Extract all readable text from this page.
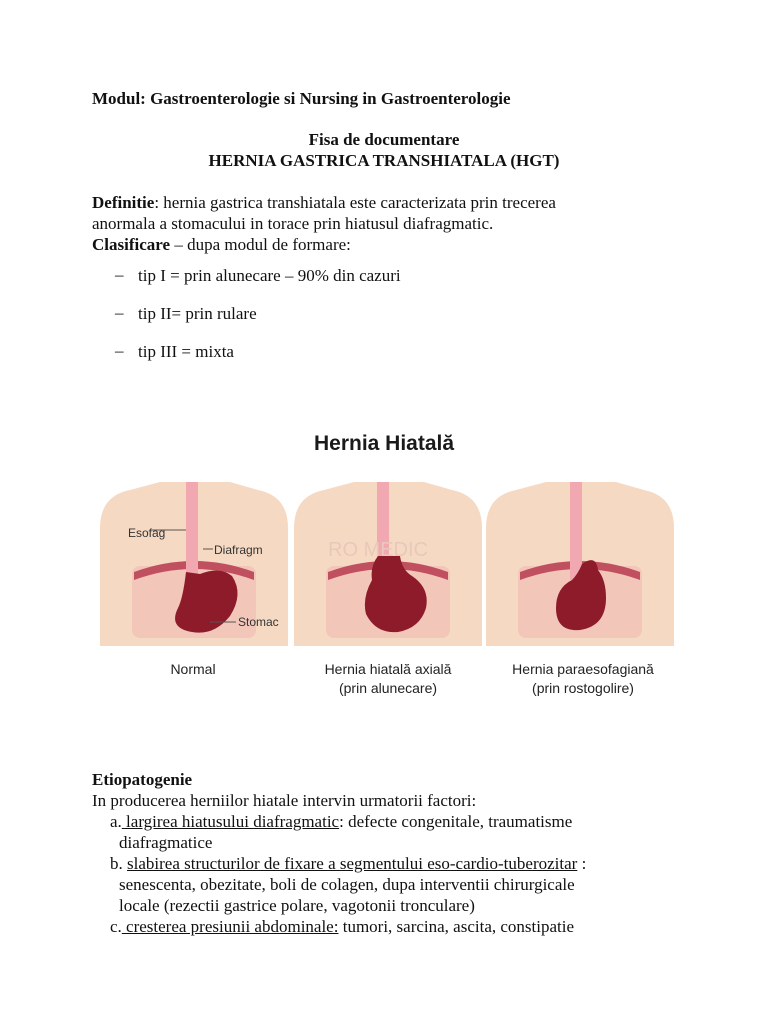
Modul: Gastroenterologie si Nursing in Gastroenterologie
Fisa de documentare
HERNIA GASTRICA TRANSHIATALA (HGT)
Definitie: hernia gastrica transhiatala este caracterizata prin trecerea
anormala a stomacului in torace prin hiatusul diafragmatic.
Clasificare – dupa modul de formare:
– tip I = prin alunecare – 90% din cazuri
– tip II= prin rulare
– tip III = mixta
Hernia Hiatală
Esofag
Diafragm
Stomac
RO MEDIC
Normal	Hernia hiatală axială
(prin alunecare)
Hernia paraesofagiană
(prin rostogolire)
Etiopatogenie
In producerea herniilor hiatale intervin urmatorii factori:
a. largirea hiatusului diafragmatic: defecte congenitale, traumatisme
diafragmatice
b. slabirea structurilor de fixare a segmentului eso-cardio-tuberozitar :
senescenta, obezitate, boli de colagen, dupa interventii chirurgicale
locale (rezectii gastrice polare, vagotonii tronculare)
c. cresterea presiunii abdominale: tumori, sarcina, ascita, constipatie
